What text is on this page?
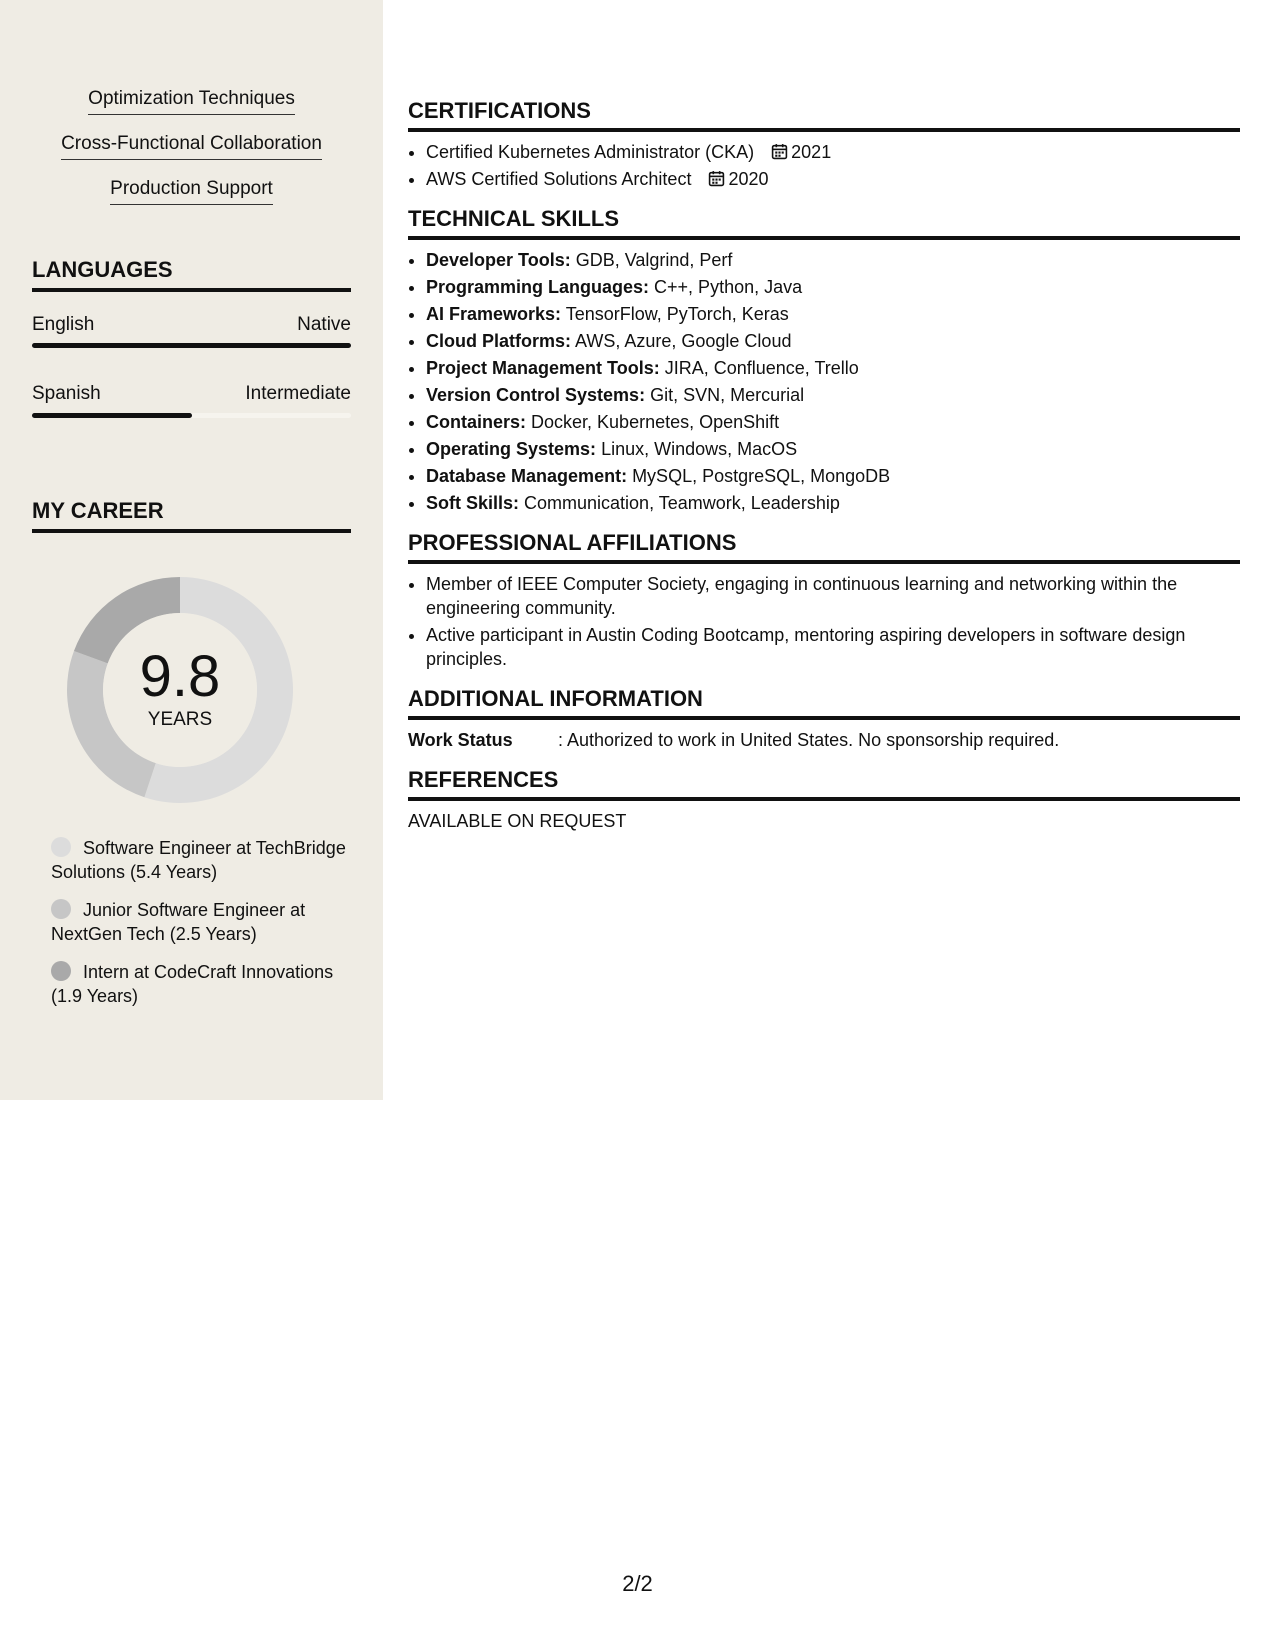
Optimization Techniques
Cross-Functional Collaboration
Production Support
LANGUAGES
English	Native
Spanish	Intermediate
MY CAREER
9.8
YEARS
Software Engineer at TechBridge Solutions (5.4 Years)
Junior Software Engineer at NextGen Tech (2.5 Years)
Intern at CodeCraft Innovations (1.9 Years)
CERTIFICATIONS
• Certified Kubernetes Administrator (CKA) 2021
• AWS Certified Solutions Architect 2020
TECHNICAL SKILLS
• Developer Tools: GDB, Valgrind, Perf
• Programming Languages: C++, Python, Java
• AI Frameworks: TensorFlow, PyTorch, Keras
• Cloud Platforms: AWS, Azure, Google Cloud
• Project Management Tools: JIRA, Confluence, Trello
• Version Control Systems: Git, SVN, Mercurial
• Containers: Docker, Kubernetes, OpenShift
• Operating Systems: Linux, Windows, MacOS
• Database Management: MySQL, PostgreSQL, MongoDB
• Soft Skills: Communication, Teamwork, Leadership
PROFESSIONAL AFFILIATIONS
• Member of IEEE Computer Society, engaging in continuous learning and networking within the engineering community.
• Active participant in Austin Coding Bootcamp, mentoring aspiring developers in software design principles.
ADDITIONAL INFORMATION
Work Status	: Authorized to work in United States. No sponsorship required.
REFERENCES
AVAILABLE ON REQUEST
2/2
